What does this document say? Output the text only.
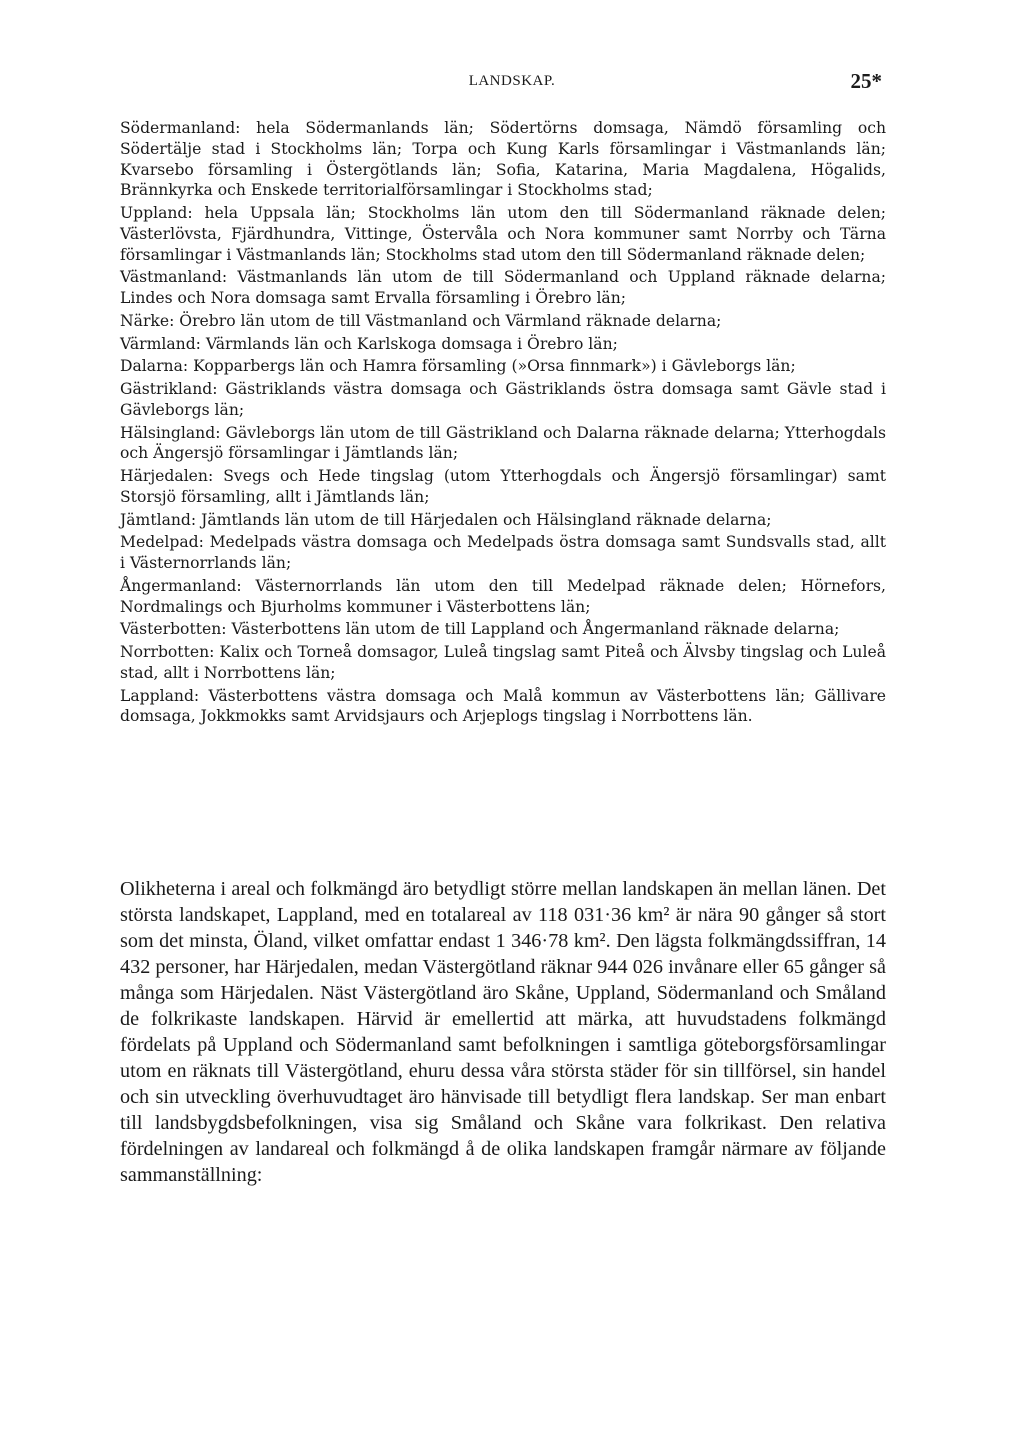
LANDSKAP.	25*

Södermanland: hela Södermanlands län; Södertörns domsaga, Nämdö församling och Södertälje stad i Stockholms län; Torpa och Kung Karls församlingar i Västmanlands län; Kvarsebo församling i Östergötlands län; Sofia, Katarina, Maria Magdalena, Högalids, Brännkyrka och Enskede territorialförsamlingar i Stockholms stad;

Uppland: hela Uppsala län; Stockholms län utom den till Södermanland räknade delen; Västerlövsta, Fjärdhundra, Vittinge, Östervåla och Nora kommuner samt Norrby och Tärna församlingar i Västmanlands län; Stockholms stad utom den till Södermanland räknade delen;

Västmanland: Västmanlands län utom de till Södermanland och Uppland räknade delarna; Lindes och Nora domsaga samt Ervalla församling i Örebro län;

Närke: Örebro län utom de till Västmanland och Värmland räknade delarna;

Värmland: Värmlands län och Karlskoga domsaga i Örebro län;

Dalarna: Kopparbergs län och Hamra församling (»Orsa finnmark») i Gävleborgs län;

Gästrikland: Gästriklands västra domsaga och Gästriklands östra domsaga samt Gävle stad i Gävleborgs län;

Hälsingland: Gävleborgs län utom de till Gästrikland och Dalarna räknade delarna; Ytterhogdals och Ängersjö församlingar i Jämtlands län;

Härjedalen: Svegs och Hede tingslag (utom Ytterhogdals och Ängersjö församlingar) samt Storsjö församling, allt i Jämtlands län;

Jämtland: Jämtlands län utom de till Härjedalen och Hälsingland räknade delarna;

Medelpad: Medelpads västra domsaga och Medelpads östra domsaga samt Sundsvalls stad, allt i Västernorrlands län;

Ångermanland: Västernorrlands län utom den till Medelpad räknade delen; Hörnefors, Nordmalings och Bjurholms kommuner i Västerbottens län;

Västerbotten: Västerbottens län utom de till Lappland och Ångermanland räknade delarna;

Norrbotten: Kalix och Torneå domsagor, Luleå tingslag samt Piteå och Älvsby tingslag och Luleå stad, allt i Norrbottens län;

Lappland: Västerbottens västra domsaga och Malå kommun av Västerbottens län; Gällivare domsaga, Jokkmokks samt Arvidsjaurs och Arjeplogs tingslag i Norrbottens län.

Olikheterna i areal och folkmängd äro betydligt större mellan landskapen än mellan länen. Det största landskapet, Lappland, med en totalareal av 118 031·36 km² är nära 90 gånger så stort som det minsta, Öland, vilket omfattar endast 1 346·78 km². Den lägsta folkmängdssiffran, 14 432 personer, har Härjedalen, medan Västergötland räknar 944 026 invånare eller 65 gånger så många som Härjedalen. Näst Västergötland äro Skåne, Uppland, Södermanland och Småland de folkrikaste landskapen. Härvid är emellertid att märka, att huvudstadens folkmängd fördelats på Uppland och Södermanland samt befolkningen i samtliga göteborgsförsamlingar utom en räknats till Västergötland, ehuru dessa våra största städer för sin tillförsel, sin handel och sin utveckling överhuvudtaget äro hänvisade till betydligt flera landskap. Ser man enbart till landsbygdsbefolkningen, visa sig Småland och Skåne vara folkrikast. Den relativa fördelningen av landareal och folkmängd å de olika landskapen framgår närmare av följande sammanställning:
